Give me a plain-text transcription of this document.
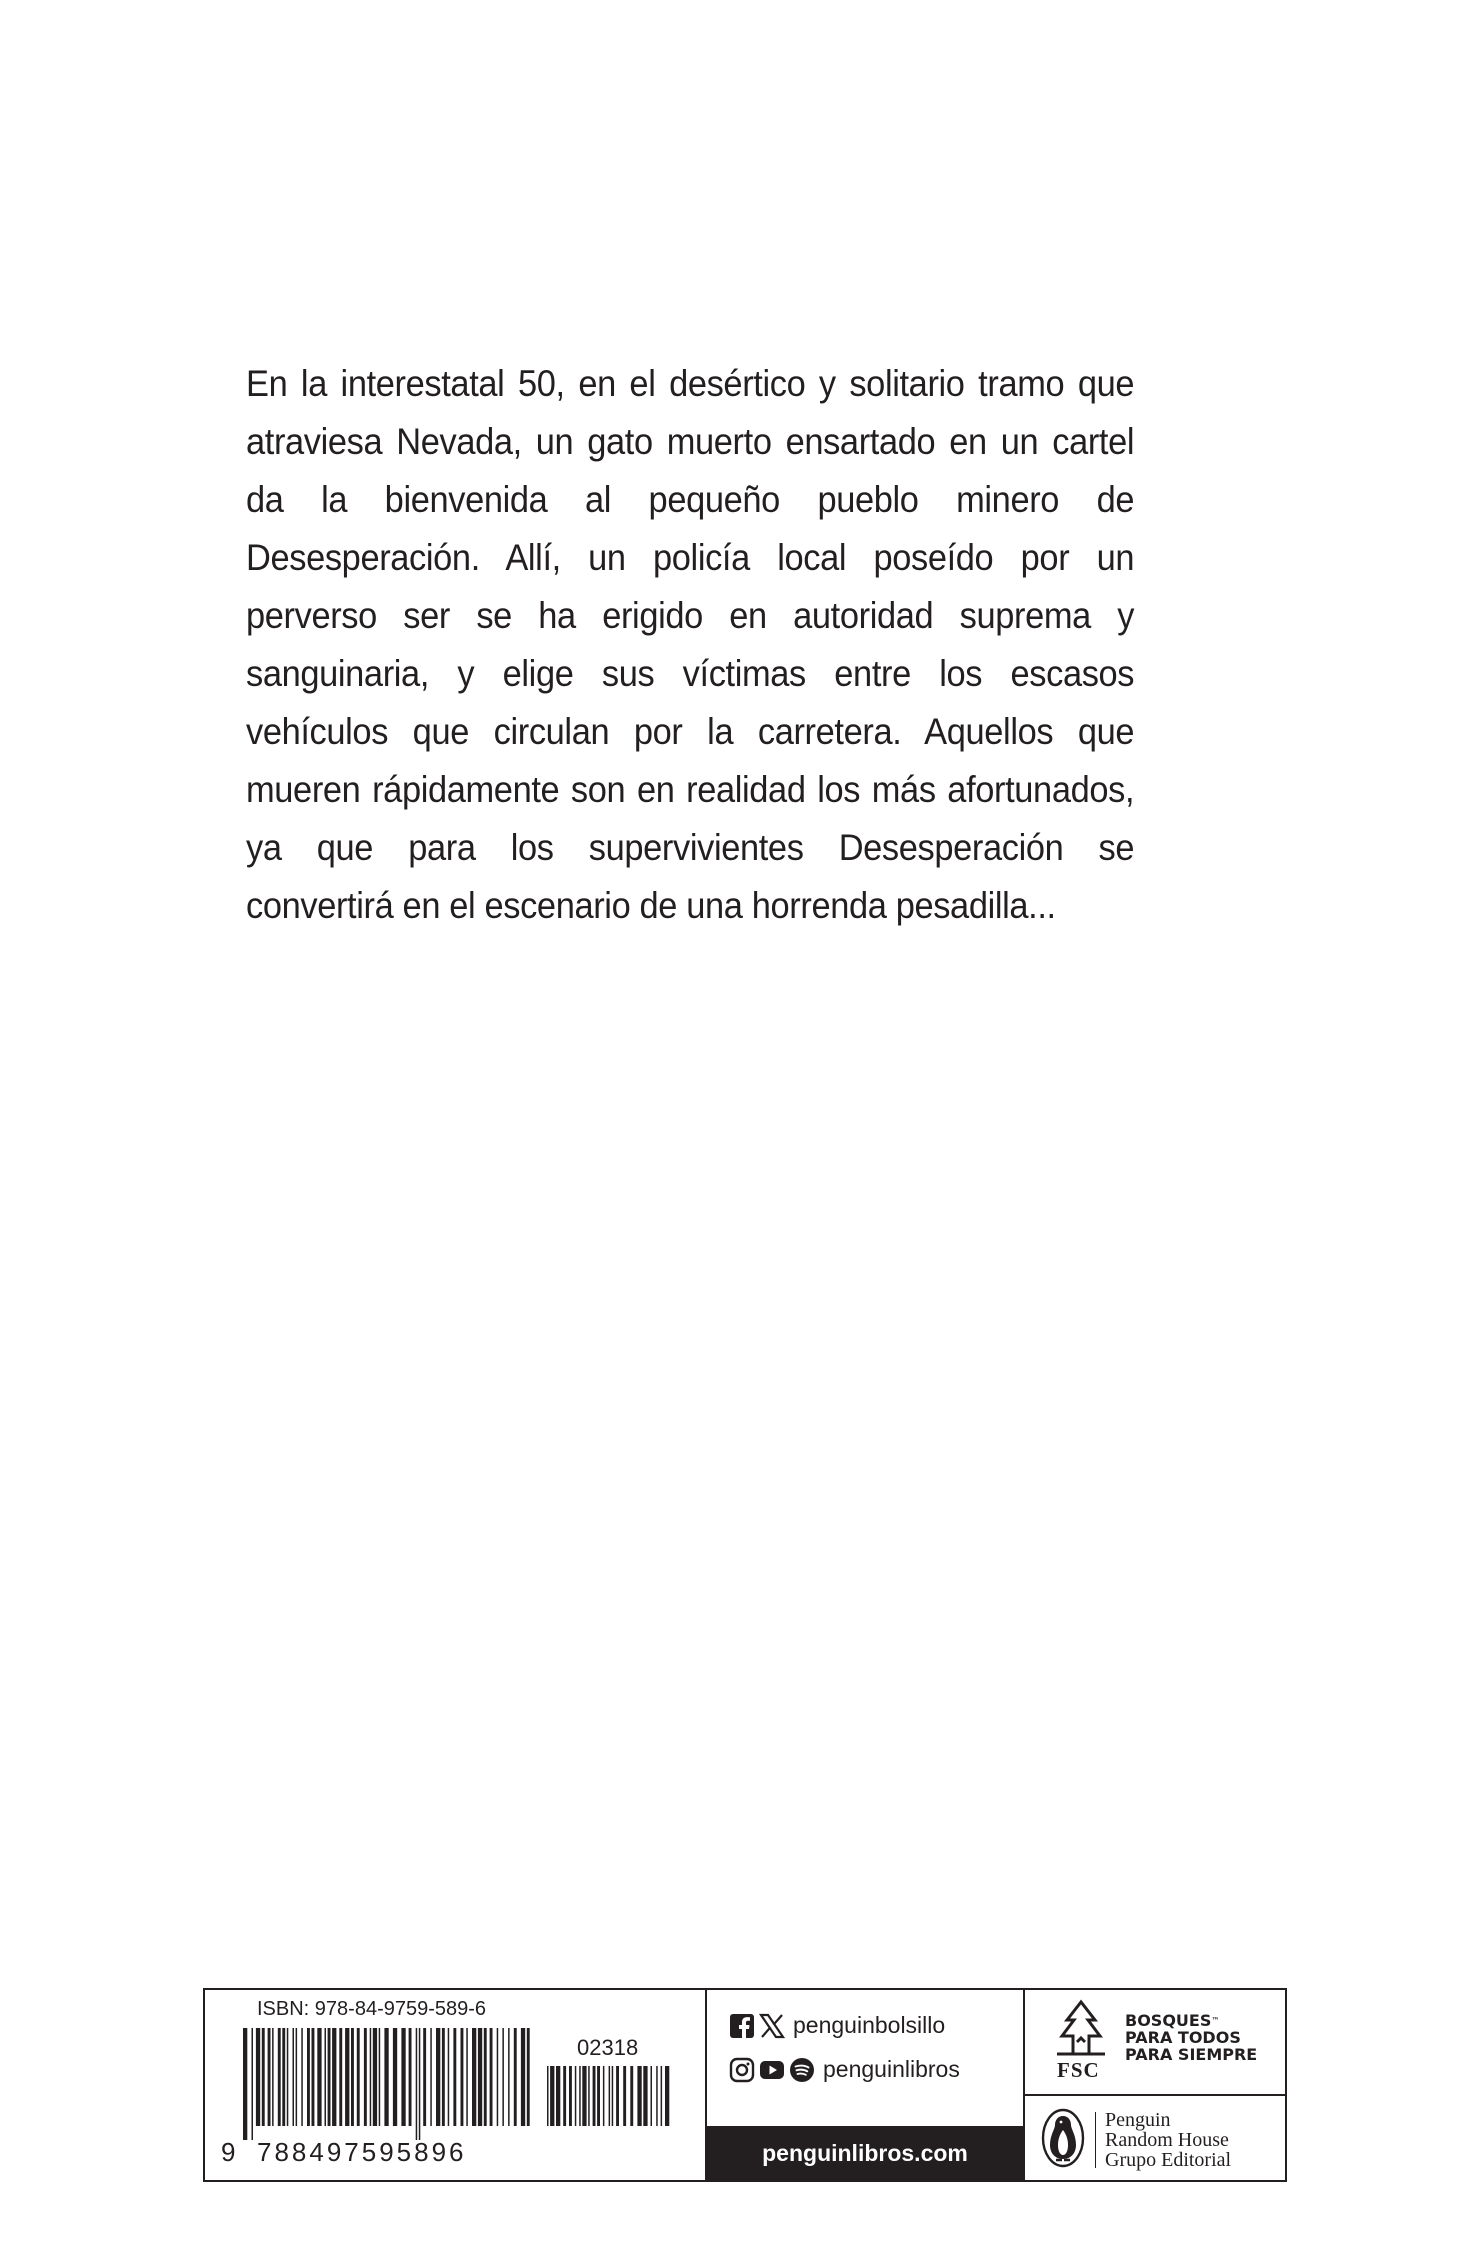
En la interestatal 50, en el desértico y solitario tramo que atraviesa Nevada, un gato muerto ensartado en un cartel da la bienvenida al pequeño pueblo minero de Desesperación. Allí, un policía local poseído por un perverso ser se ha erigido en autoridad suprema y sanguinaria, y elige sus víctimas entre los escasos vehículos que circulan por la carretera. Aquellos que mueren rápidamente son en realidad los más afortunados, ya que para los supervivientes Desesperación se convertirá en el escenario de una horrenda pesadilla...

ISBN: 978-84-9759-589-6
02318
9 788497595896
penguinbolsillo
penguinlibros
penguinlibros.com
FSC
BOSQUES™
PARA TODOS
PARA SIEMPRE
Penguin
Random House
Grupo Editorial
